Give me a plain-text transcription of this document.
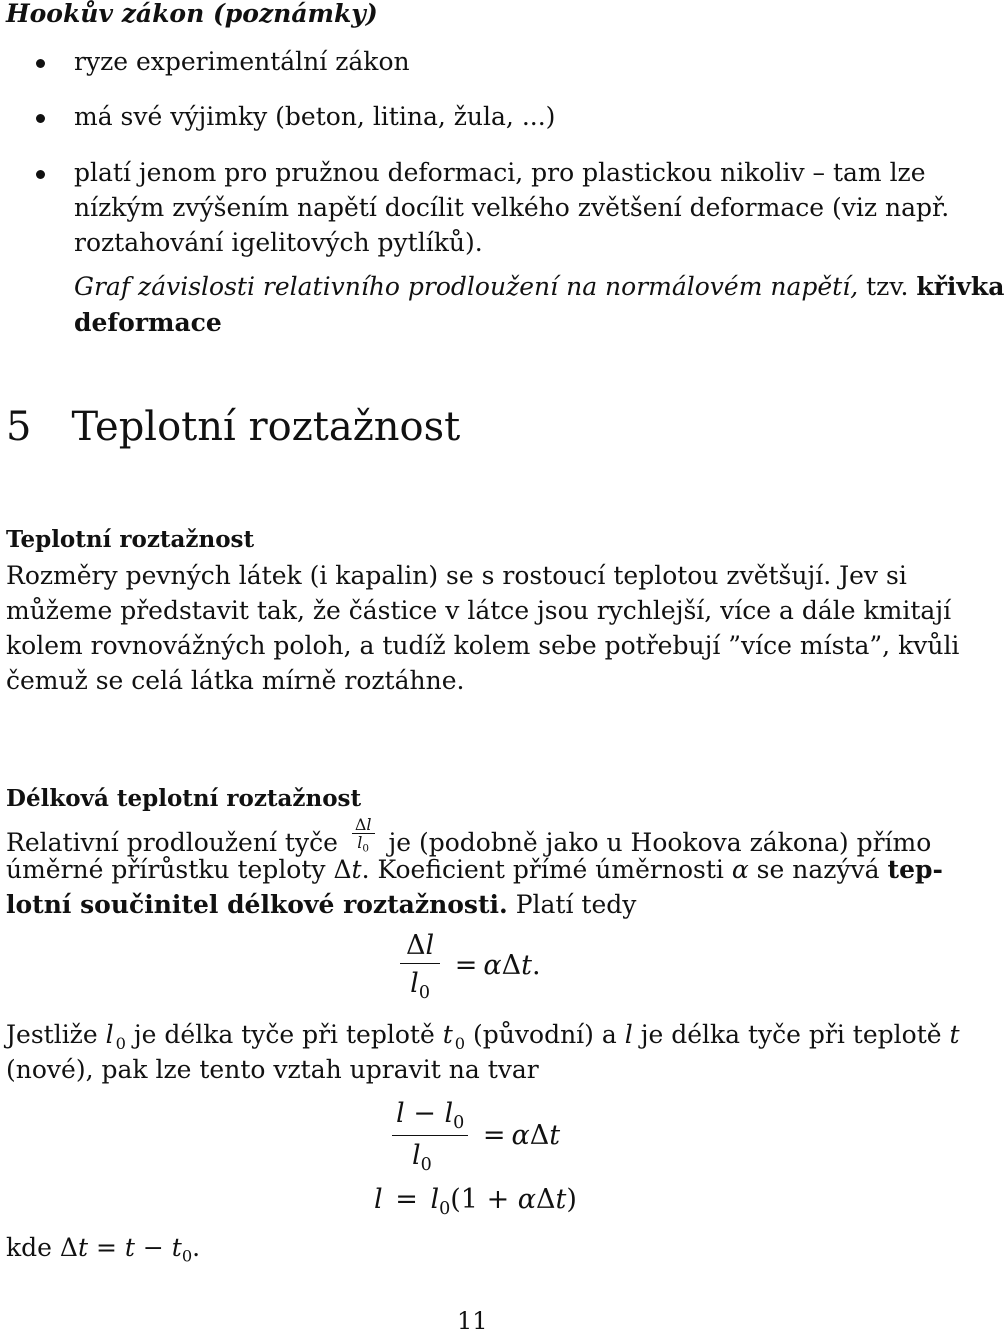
Hookův zákon (poznámky)
ryze experimentální zákon
má své výjimky (beton, litina, žula, ...)
platí jenom pro pružnou deformaci, pro plastickou nikoliv – tam lze
nízkým zvýšením napětí docílit velkého zvětšení deformace (viz např.
roztahování igelitových pytlíků).
Graf závislosti relativního prodloužení na normálovém napětí, tzv. křivka
deformace
5 Teplotní roztažnost
Teplotní roztažnost
Rozměry pevných látek (i kapalin) se s rostoucí teplotou zvětšují. Jev si
můžeme představit tak, že částice v látce jsou rychlejší, více a dále kmitají
kolem rovnovážných poloh, a tudíž kolem sebe potřebují ”více místa”, kvůli
čemuž se celá látka mírně roztáhne.
Délková teplotní roztažnost
Relativní prodloužení tyče $\frac{\Delta l}{l_0}$ je (podobně jako u Hookova zákona) přímo
úměrné přírůstku teploty Δt. Koeficient přímé úměrnosti α se nazývá tep-
lotní součinitel délkové roztažnosti. Platí tedy
$\frac{\Delta l}{l_0} = \alpha\Delta t$.
Jestliže l $_0$ je délka tyče při teplotě t $_0$ (původní) a l je délka tyče při teplotě t
(nové), pak lze tento vztah upravit na tvar
$\frac{l - l_0}{l_0} = \alpha\Delta t$
$l = l_0(1 + \alpha\Delta t)$
kde $\Delta t = t - t_0$.
11
